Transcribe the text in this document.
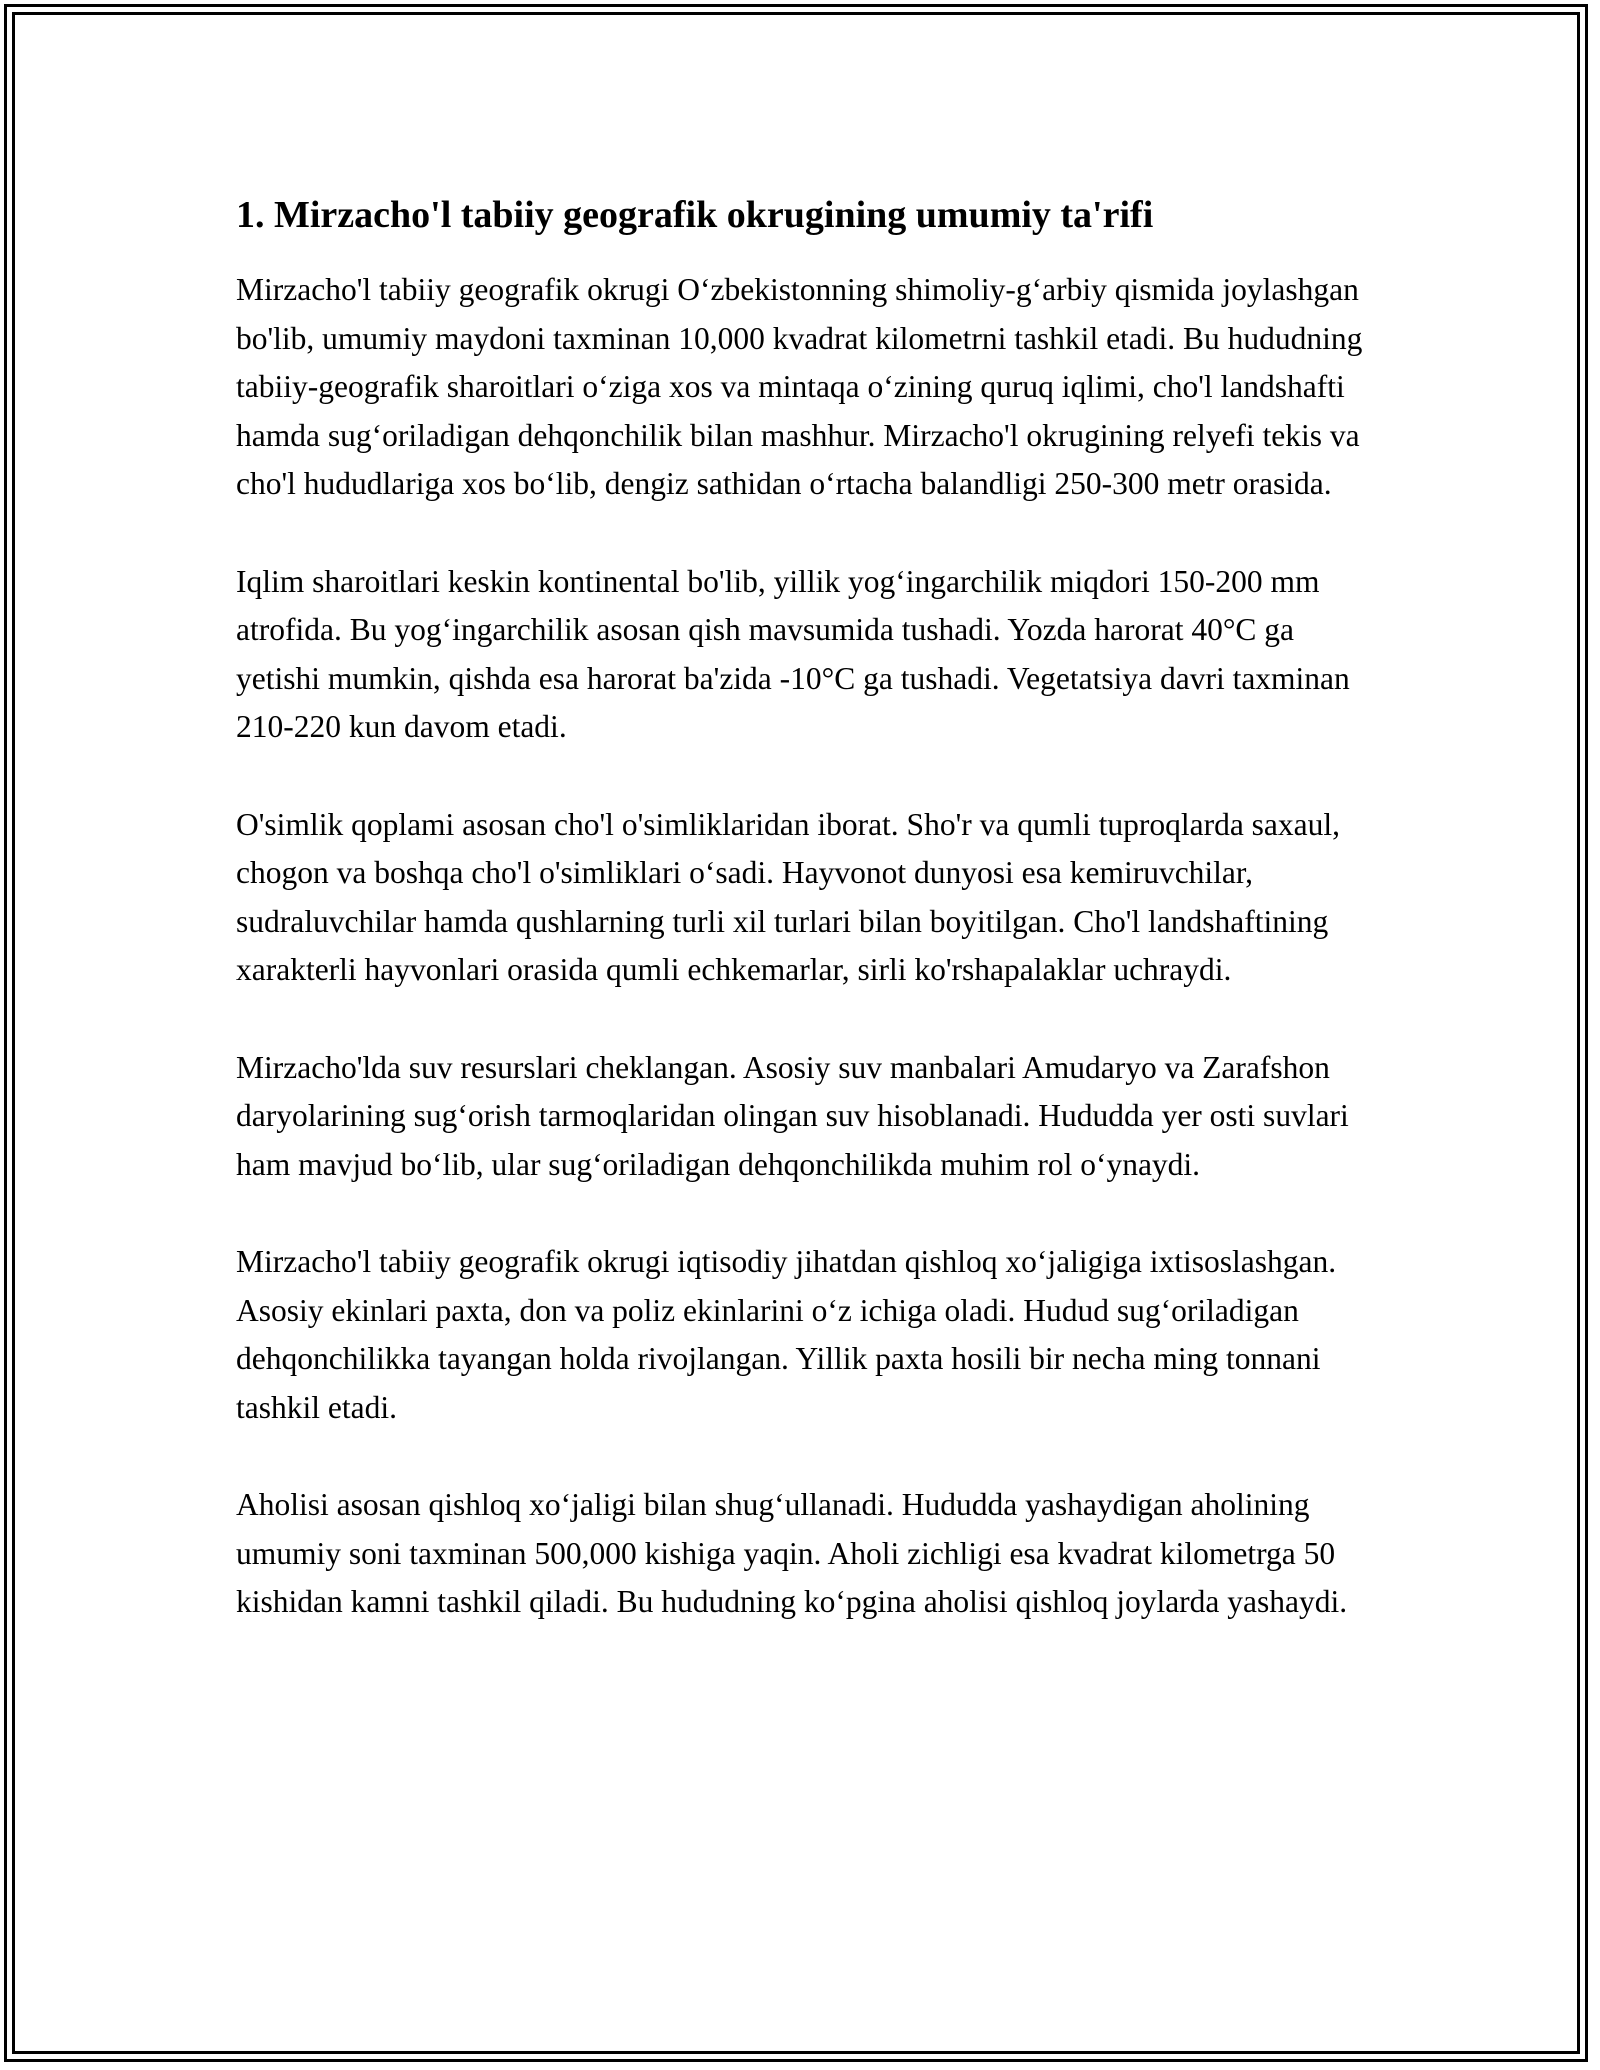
1. Mirzacho'l tabiiy geografik okrugining umumiy ta'rifi

Mirzacho'l tabiiy geografik okrugi O‘zbekistonning shimoliy-g‘arbiy qismida joylashgan bo'lib, umumiy maydoni taxminan 10,000 kvadrat kilometrni tashkil etadi. Bu hududning tabiiy-geografik sharoitlari o‘ziga xos va mintaqa o‘zining quruq iqlimi, cho'l landshafti hamda sug‘oriladigan dehqonchilik bilan mashhur. Mirzacho'l okrugining relyefi tekis va cho'l hududlariga xos bo‘lib, dengiz sathidan o‘rtacha balandligi 250-300 metr orasida.

Iqlim sharoitlari keskin kontinental bo'lib, yillik yog‘ingarchilik miqdori 150-200 mm atrofida. Bu yog‘ingarchilik asosan qish mavsumida tushadi. Yozda harorat 40°C ga yetishi mumkin, qishda esa harorat ba'zida -10°C ga tushadi. Vegetatsiya davri taxminan 210-220 kun davom etadi.

O'simlik qoplami asosan cho'l o'simliklaridan iborat. Sho'r va qumli tuproqlarda saxaul, chogon va boshqa cho'l o'simliklari o‘sadi. Hayvonot dunyosi esa kemiruvchilar, sudraluvchilar hamda qushlarning turli xil turlari bilan boyitilgan. Cho'l landshaftining xarakterli hayvonlari orasida qumli echkemarlar, sirli ko'rshapalaklar uchraydi.

Mirzacho'lda suv resurslari cheklangan. Asosiy suv manbalari Amudaryo va Zarafshon daryolarining sug‘orish tarmoqlaridan olingan suv hisoblanadi. Hududda yer osti suvlari ham mavjud bo‘lib, ular sug‘oriladigan dehqonchilikda muhim rol o‘ynaydi.

Mirzacho'l tabiiy geografik okrugi iqtisodiy jihatdan qishloq xo‘jaligiga ixtisoslashgan. Asosiy ekinlari paxta, don va poliz ekinlarini o‘z ichiga oladi. Hudud sug‘oriladigan dehqonchilikka tayangan holda rivojlangan. Yillik paxta hosili bir necha ming tonnani tashkil etadi.

Aholisi asosan qishloq xo‘jaligi bilan shug‘ullanadi. Hududda yashaydigan aholining umumiy soni taxminan 500,000 kishiga yaqin. Aholi zichligi esa kvadrat kilometrga 50 kishidan kamni tashkil qiladi. Bu hududning ko‘pgina aholisi qishloq joylarda yashaydi.
